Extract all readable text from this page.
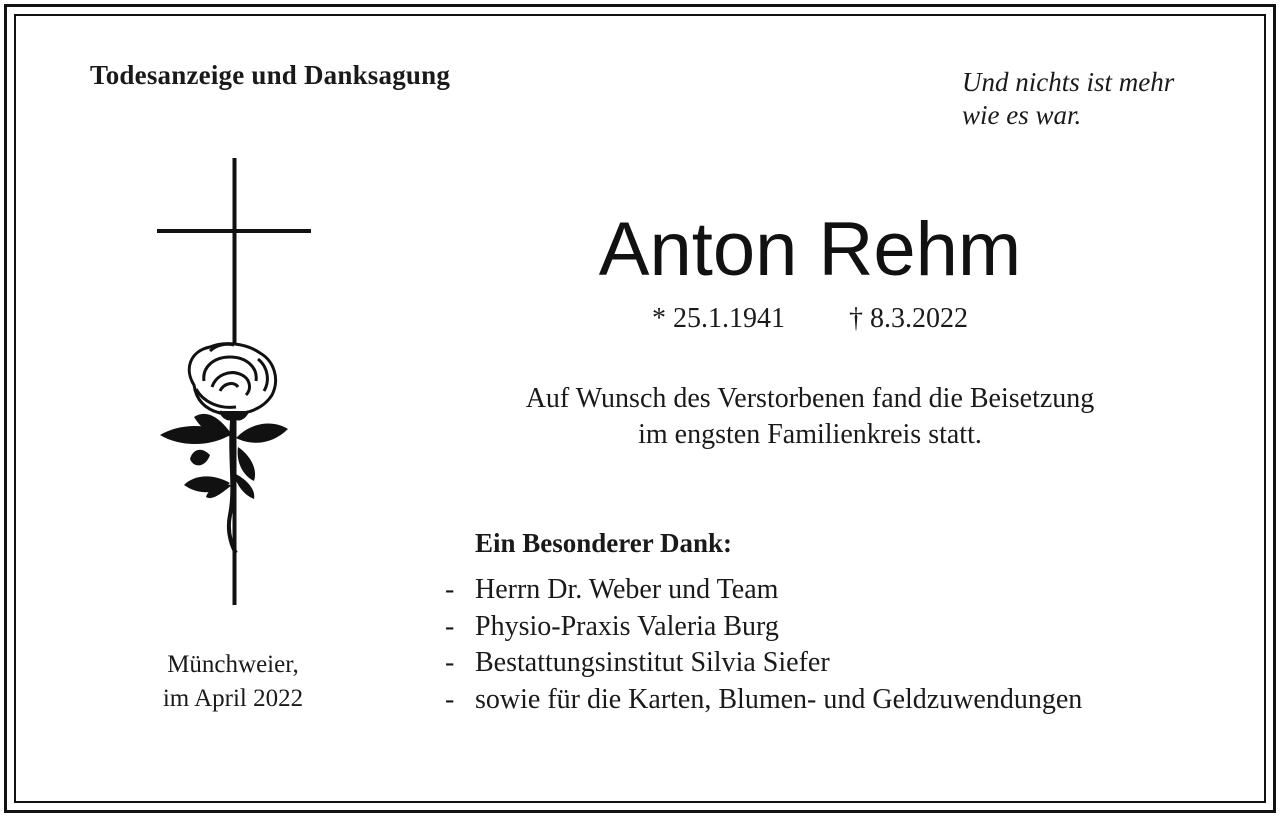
Todesanzeige und Danksagung	Und nichts ist mehr
wie es war.
Münchweier,
im April 2022
Anton Rehm
* 25.1.1941 † 8.3.2022
Auf Wunsch des Verstorbenen fand die Beisetzung
im engsten Familienkreis statt.
Ein Besonderer Dank:
- Herrn Dr. Weber und Team
- Physio-Praxis Valeria Burg
- Bestattungsinstitut Silvia Siefer
- sowie für die Karten, Blumen- und Geldzuwendungen
